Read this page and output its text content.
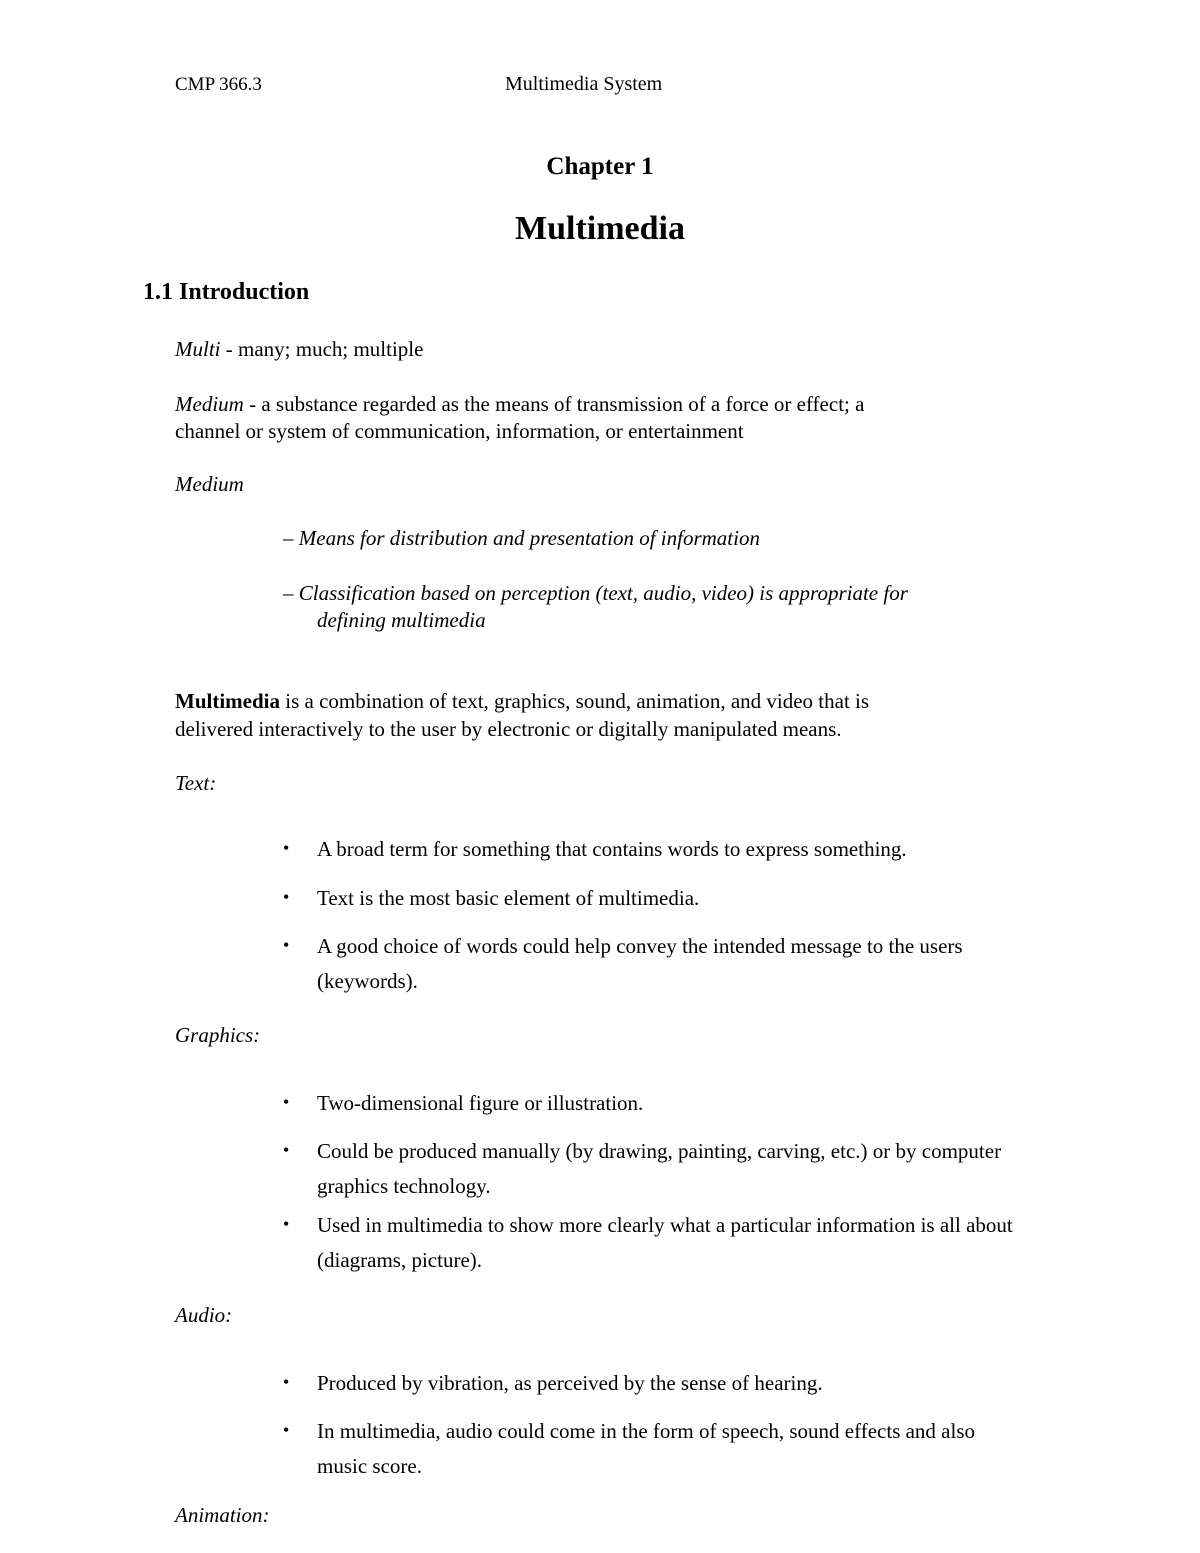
CMP 366.3	Multimedia System
Chapter 1
Multimedia
1.1 Introduction
Multi - many; much; multiple
Medium - a substance regarded as the means of transmission of a force or effect; a
channel or system of communication, information, or entertainment
Medium
– Means for distribution and presentation of information
– Classification based on perception (text, audio, video) is appropriate for
defining multimedia
Multimedia is a combination of text, graphics, sound, animation, and video that is
delivered interactively to the user by electronic or digitally manipulated means.
Text:
• A broad term for something that contains words to express something.
• Text is the most basic element of multimedia.
• A good choice of words could help convey the intended message to the users (keywords).
Graphics:
• Two-dimensional figure or illustration.
• Could be produced manually (by drawing, painting, carving, etc.) or by computer graphics technology.
• Used in multimedia to show more clearly what a particular information is all about (diagrams, picture).
Audio:
• Produced by vibration, as perceived by the sense of hearing.
• In multimedia, audio could come in the form of speech, sound effects and also music score.
Animation:
